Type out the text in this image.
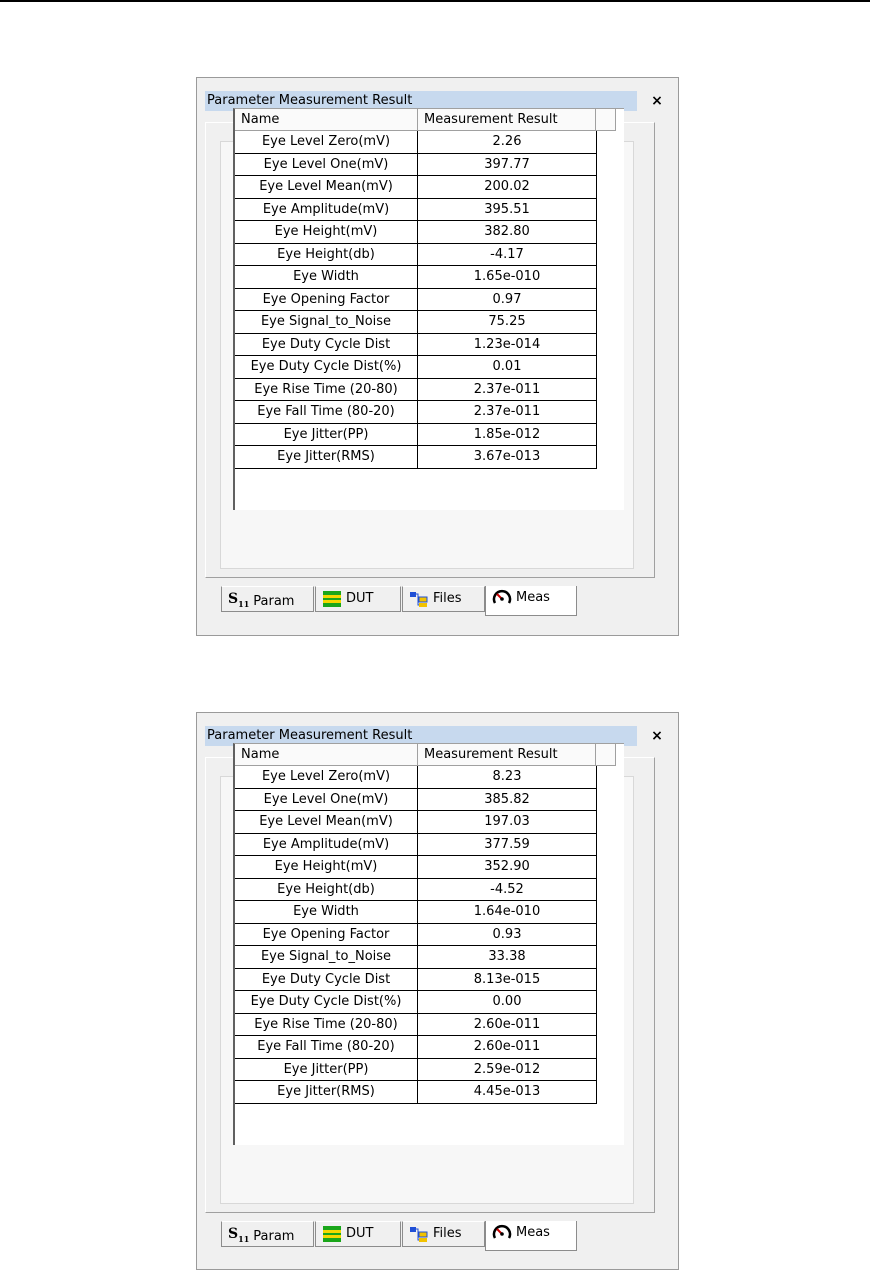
Parameter Measurement Result	×
Name	Measurement Result
Eye Level Zero(mV)	2.26
Eye Level One(mV)	397.77
Eye Level Mean(mV)	200.02
Eye Amplitude(mV)	395.51
Eye Height(mV)	382.80
Eye Height(db)	-4.17
Eye Width	1.65e-010
Eye Opening Factor	0.97
Eye Signal_to_Noise	75.25
Eye Duty Cycle Dist	1.23e-014
Eye Duty Cycle Dist(%)	0.01
Eye Rise Time (20-80)	2.37e-011
Eye Fall Time (80-20)	2.37e-011
Eye Jitter(PP)	1.85e-012
Eye Jitter(RMS)	3.67e-013
$S_{11}$ Param	DUT	Files	Meas
Parameter Measurement Result	×
Name	Measurement Result
Eye Level Zero(mV)	8.23
Eye Level One(mV)	385.82
Eye Level Mean(mV)	197.03
Eye Amplitude(mV)	377.59
Eye Height(mV)	352.90
Eye Height(db)	-4.52
Eye Width	1.64e-010
Eye Opening Factor	0.93
Eye Signal_to_Noise	33.38
Eye Duty Cycle Dist	8.13e-015
Eye Duty Cycle Dist(%)	0.00
Eye Rise Time (20-80)	2.60e-011
Eye Fall Time (80-20)	2.60e-011
Eye Jitter(PP)	2.59e-012
Eye Jitter(RMS)	4.45e-013
$S_{11}$ Param	DUT	Files	Meas
